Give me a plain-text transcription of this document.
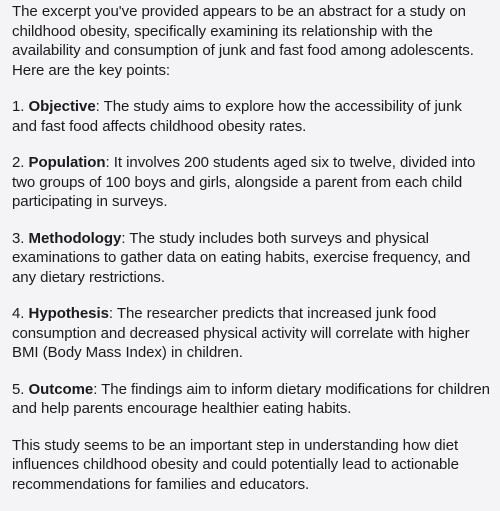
The excerpt you've provided appears to be an abstract for a study on childhood obesity, specifically examining its relationship with the availability and consumption of junk and fast food among adolescents. Here are the key points:

1. Objective: The study aims to explore how the accessibility of junk and fast food affects childhood obesity rates.

2. Population: It involves 200 students aged six to twelve, divided into two groups of 100 boys and girls, alongside a parent from each child participating in surveys.

3. Methodology: The study includes both surveys and physical examinations to gather data on eating habits, exercise frequency, and any dietary restrictions.

4. Hypothesis: The researcher predicts that increased junk food consumption and decreased physical activity will correlate with higher BMI (Body Mass Index) in children.

5. Outcome: The findings aim to inform dietary modifications for children and help parents encourage healthier eating habits.

This study seems to be an important step in understanding how diet influences childhood obesity and could potentially lead to actionable recommendations for families and educators.
